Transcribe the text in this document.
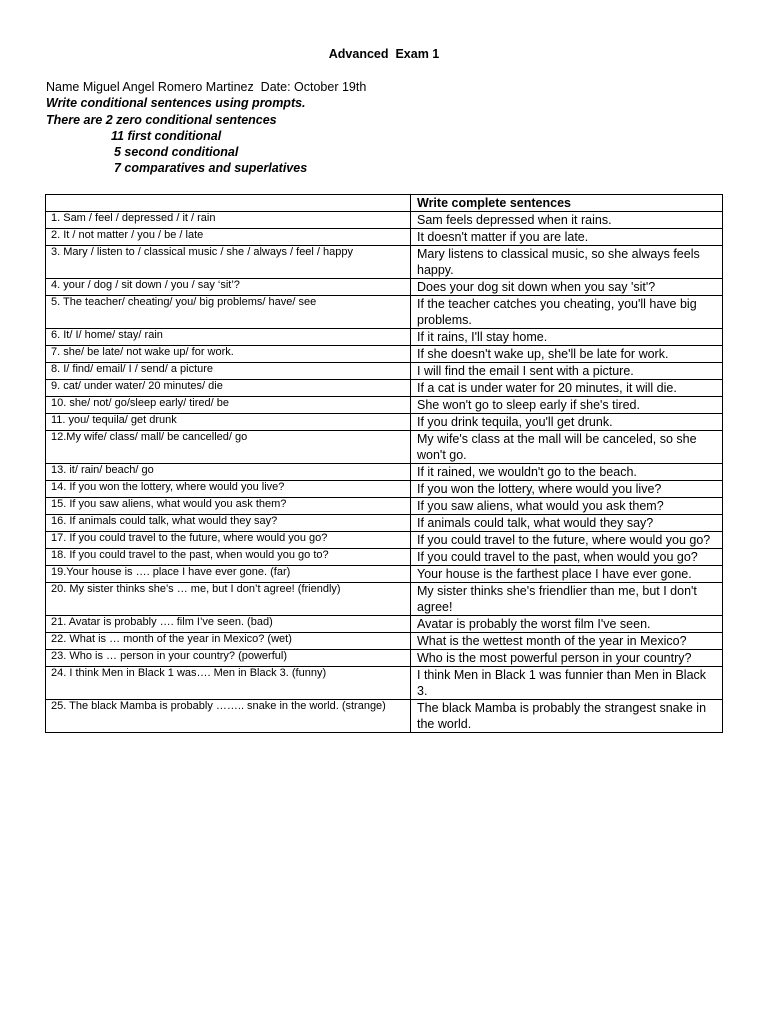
Advanced  Exam 1
Name Miguel Angel Romero Martinez  Date: October 19th
Write conditional sentences using prompts.
There are 2 zero conditional sentences
11 first conditional
5 second conditional
7 comparatives and superlatives
	Write complete sentences
1. Sam / feel / depressed / it / rain	Sam feels depressed when it rains.
2. It / not matter / you / be / late	It doesn't matter if you are late.
3. Mary / listen to / classical music / she / always / feel / happy	Mary listens to classical music, so she always feels happy.
4. your / dog / sit down / you / say ‘sit’?	Does your dog sit down when you say 'sit'?
5. The teacher/ cheating/ you/ big problems/ have/ see	If the teacher catches you cheating, you'll have big problems.
6. It/ I/ home/ stay/ rain	If it rains, I'll stay home.
7. she/ be late/ not wake up/ for work.	If she doesn't wake up, she'll be late for work.
8. I/ find/ email/ I / send/ a picture	I will find the email I sent with a picture.
9. cat/ under water/ 20 minutes/ die	If a cat is under water for 20 minutes, it will die.
10. she/ not/ go/sleep early/ tired/ be	She won't go to sleep early if she's tired.
11. you/ tequila/ get drunk	If you drink tequila, you'll get drunk.
12.My wife/ class/ mall/ be cancelled/ go	My wife's class at the mall will be canceled, so she won't go.
13. it/ rain/ beach/ go	If it rained, we wouldn't go to the beach.
14. If you won the lottery, where would you live?	If you won the lottery, where would you live?
15. If you saw aliens, what would you ask them?	If you saw aliens, what would you ask them?
16. If animals could talk, what would they say?	If animals could talk, what would they say?
17. If you could travel to the future, where would you go?	If you could travel to the future, where would you go?
18. If you could travel to the past, when would you go to?	If you could travel to the past, when would you go?
19.Your house is …. place I have ever gone. (far)	Your house is the farthest place I have ever gone.
20. My sister thinks she’s … me, but I don’t agree! (friendly)	My sister thinks she's friendlier than me, but I don't agree!
21. Avatar is probably …. film I’ve seen. (bad)	Avatar is probably the worst film I've seen.
22. What is … month of the year in Mexico? (wet)	What is the wettest month of the year in Mexico?
23. Who is … person in your country? (powerful)	Who is the most powerful person in your country?
24. I think Men in Black 1 was…. Men in Black 3. (funny)	I think Men in Black 1 was funnier than Men in Black 3.
25. The black Mamba is probably …….. snake in the world. (strange)	The black Mamba is probably the strangest snake in the world.
